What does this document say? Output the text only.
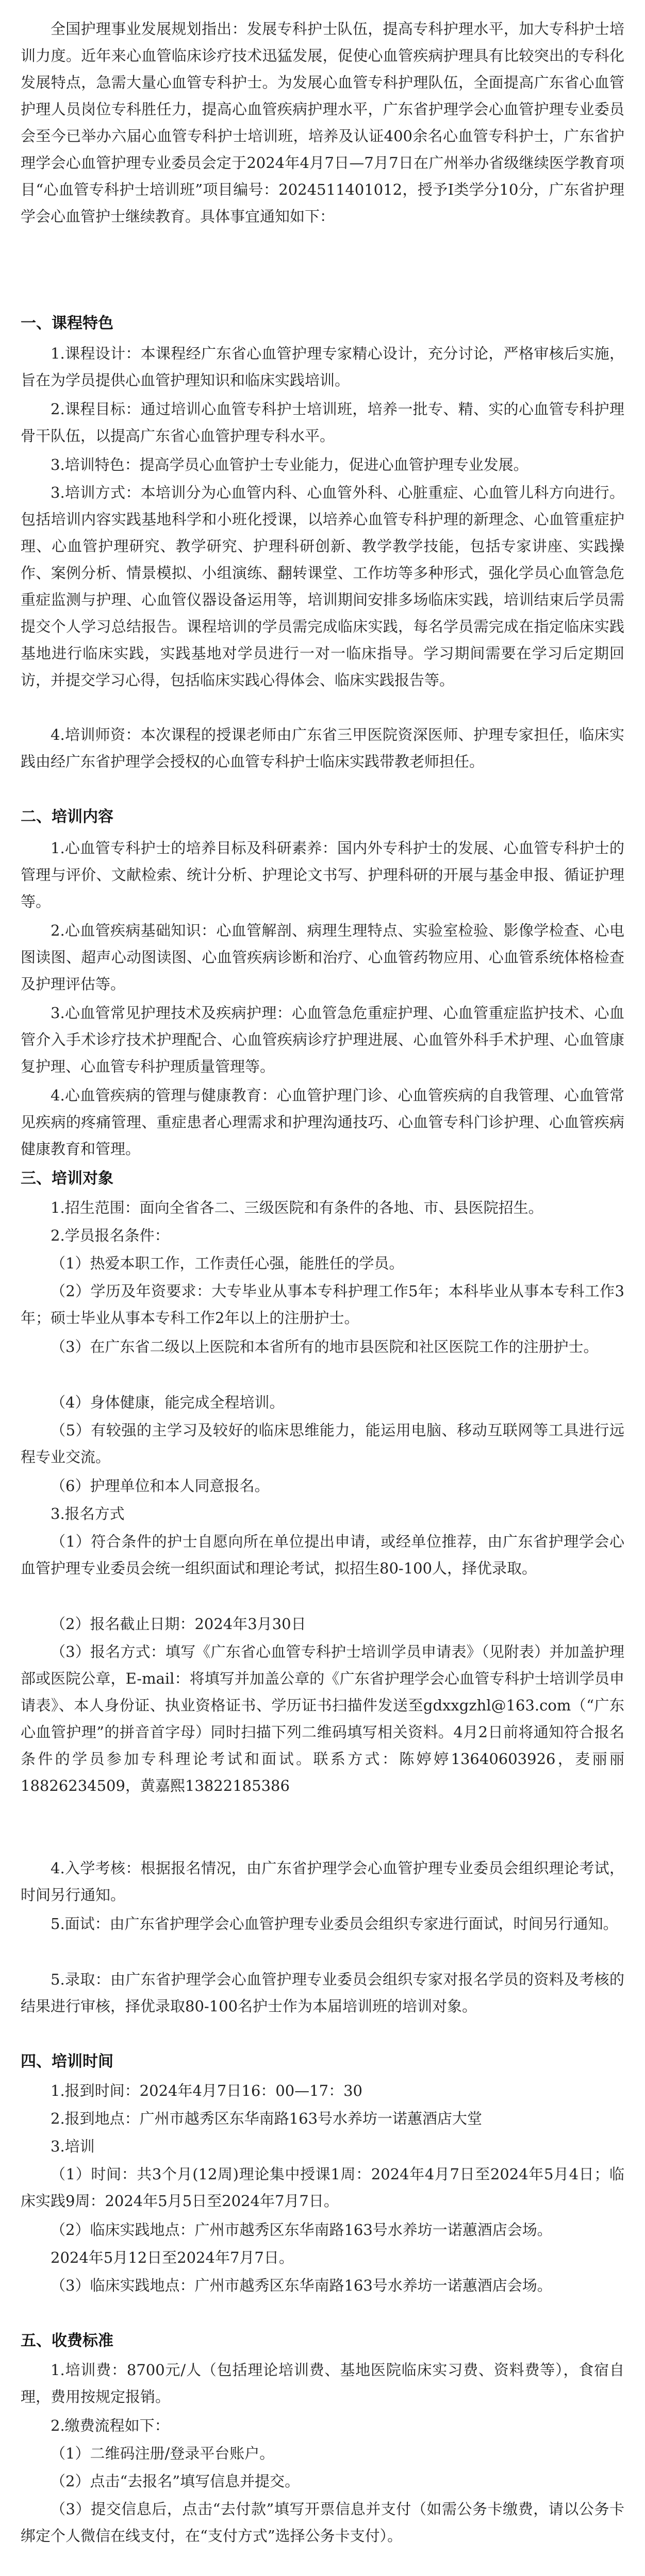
全国护理事业发展规划指出：发展专科护士队伍，提高专科护理水平，加大专科护士培训力度。近年来心血管临床诊疗技术迅猛发展，促使心血管疾病护理具有比较突出的专科化发展特点，急需大量心血管专科护士。为发展心血管专科护理队伍，全面提高广东省心血管护理人员岗位专科胜任力，提高心血管疾病护理水平，广东省护理学会心血管护理专业委员会至今已举办六届心血管专科护士培训班，培养及认证400余名心血管专科护士，广东省护理学会心血管护理专业委员会定于2024年4月7日—7月7日在广州举办省级继续医学教育项目“心血管专科护士培训班”项目编号：2024511401012，授予I类学分10分，广东省护理学会心血管护士继续教育。具体事宜通知如下：

一、课程特色

1.课程设计：本课程经广东省心血管护理专家精心设计，充分讨论，严格审核后实施，旨在为学员提供心血管护理知识和临床实践培训。

2.课程目标：通过培训心血管专科护士培训班，培养一批专、精、实的心血管专科护理骨干队伍，以提高广东省心血管护理专科水平。

3.培训特色：提高学员心血管护士专业能力，促进心血管护理专业发展。

3.培训方式：本培训分为心血管内科、心血管外科、心脏重症、心血管儿科方向进行。包括培训内容实践基地科学和小班化授课，以培养心血管专科护理的新理念、心血管重症护理、心血管护理研究、教学研究、护理科研创新、教学教学技能，包括专家讲座、实践操作、案例分析、情景模拟、小组演练、翻转课堂、工作坊等多种形式，强化学员心血管急危重症监测与护理、心血管仪器设备运用等，培训期间安排多场临床实践，培训结束后学员需提交个人学习总结报告。课程培训的学员需完成临床实践，每名学员需完成在指定临床实践基地进行临床实践，实践基地对学员进行一对一临床指导。学习期间需要在学习后定期回访，并提交学习心得，包括临床实践心得体会、临床实践报告等。

4.培训师资：本次课程的授课老师由广东省三甲医院资深医师、护理专家担任，临床实践由经广东省护理学会授权的心血管专科护士临床实践带教老师担任。

二、培训内容

1.心血管专科护士的培养目标及科研素养：国内外专科护士的发展、心血管专科护士的管理与评价、文献检索、统计分析、护理论文书写、护理科研的开展与基金申报、循证护理等。

2.心血管疾病基础知识：心血管解剖、病理生理特点、实验室检验、影像学检查、心电图读图、超声心动图读图、心血管疾病诊断和治疗、心血管药物应用、心血管系统体格检查及护理评估等。

3.心血管常见护理技术及疾病护理：心血管急危重症护理、心血管重症监护技术、心血管介入手术诊疗技术护理配合、心血管疾病诊疗护理进展、心血管外科手术护理、心血管康复护理、心血管专科护理质量管理等。

4.心血管疾病的管理与健康教育：心血管护理门诊、心血管疾病的自我管理、心血管常见疾病的疼痛管理、重症患者心理需求和护理沟通技巧、心血管专科门诊护理、心血管疾病健康教育和管理。

三、培训对象

1.招生范围：面向全省各二、三级医院和有条件的各地、市、县医院招生。

2.学员报名条件：

（1）热爱本职工作，工作责任心强，能胜任的学员。

（2）学历及年资要求：大专毕业从事本专科护理工作5年；本科毕业从事本专科工作3年；硕士毕业从事本专科工作2年以上的注册护士。

（3）在广东省二级以上医院和本省所有的地市县医院和社区医院工作的注册护士。

（4）身体健康，能完成全程培训。

（5）有较强的主学习及较好的临床思维能力，能运用电脑、移动互联网等工具进行远程专业交流。

（6）护理单位和本人同意报名。

3.报名方式

（1）符合条件的护士自愿向所在单位提出申请，或经单位推荐，由广东省护理学会心血管护理专业委员会统一组织面试和理论考试，拟招生80-100人，择优录取。

（2）报名截止日期：2024年3月30日

（3）报名方式：填写《广东省心血管专科护士培训学员申请表》（见附表）并加盖护理部或医院公章，E-mail：将填写并加盖公章的《广东省护理学会心血管专科护士培训学员申请表》、本人身份证、执业资格证书、学历证书扫描件发送至gdxxgzhl@163.com（“广东心血管护理”的拼音首字母）同时扫描下列二维码填写相关资料。4月2日前将通知符合报名条件的学员参加专科理论考试和面试。联系方式：陈婷婷13640603926，麦丽丽18826234509，黄嘉熙13822185386

4.入学考核：根据报名情况，由广东省护理学会心血管护理专业委员会组织理论考试，时间另行通知。

5.面试：由广东省护理学会心血管护理专业委员会组织专家进行面试，时间另行通知。

5.录取：由广东省护理学会心血管护理专业委员会组织专家对报名学员的资料及考核的结果进行审核，择优录取80-100名护士作为本届培训班的培训对象。

四、培训时间

1.报到时间：2024年4月7日16：00—17：30

2.报到地点：广州市越秀区东华南路163号水养坊一诺蕙酒店大堂

3.培训

（1）时间：共3个月(12周)理论集中授课1周：2024年4月7日至2024年5月4日；临床实践9周：2024年5月5日至2024年7月7日。

（2）临床实践地点：广州市越秀区东华南路163号水养坊一诺蕙酒店会场。

2024年5月12日至2024年7月7日。

（3）临床实践地点：广州市越秀区东华南路163号水养坊一诺蕙酒店会场。

五、收费标准

1.培训费：8700元/人（包括理论培训费、基地医院临床实习费、资料费等），食宿自理，费用按规定报销。

2.缴费流程如下：

（1）二维码注册/登录平台账户。

（2）点击“去报名”填写信息并提交。

（3）提交信息后，点击“去付款”填写开票信息并支付（如需公务卡缴费，请以公务卡绑定个人微信在线支付，在“支付方式”选择公务卡支付）。
